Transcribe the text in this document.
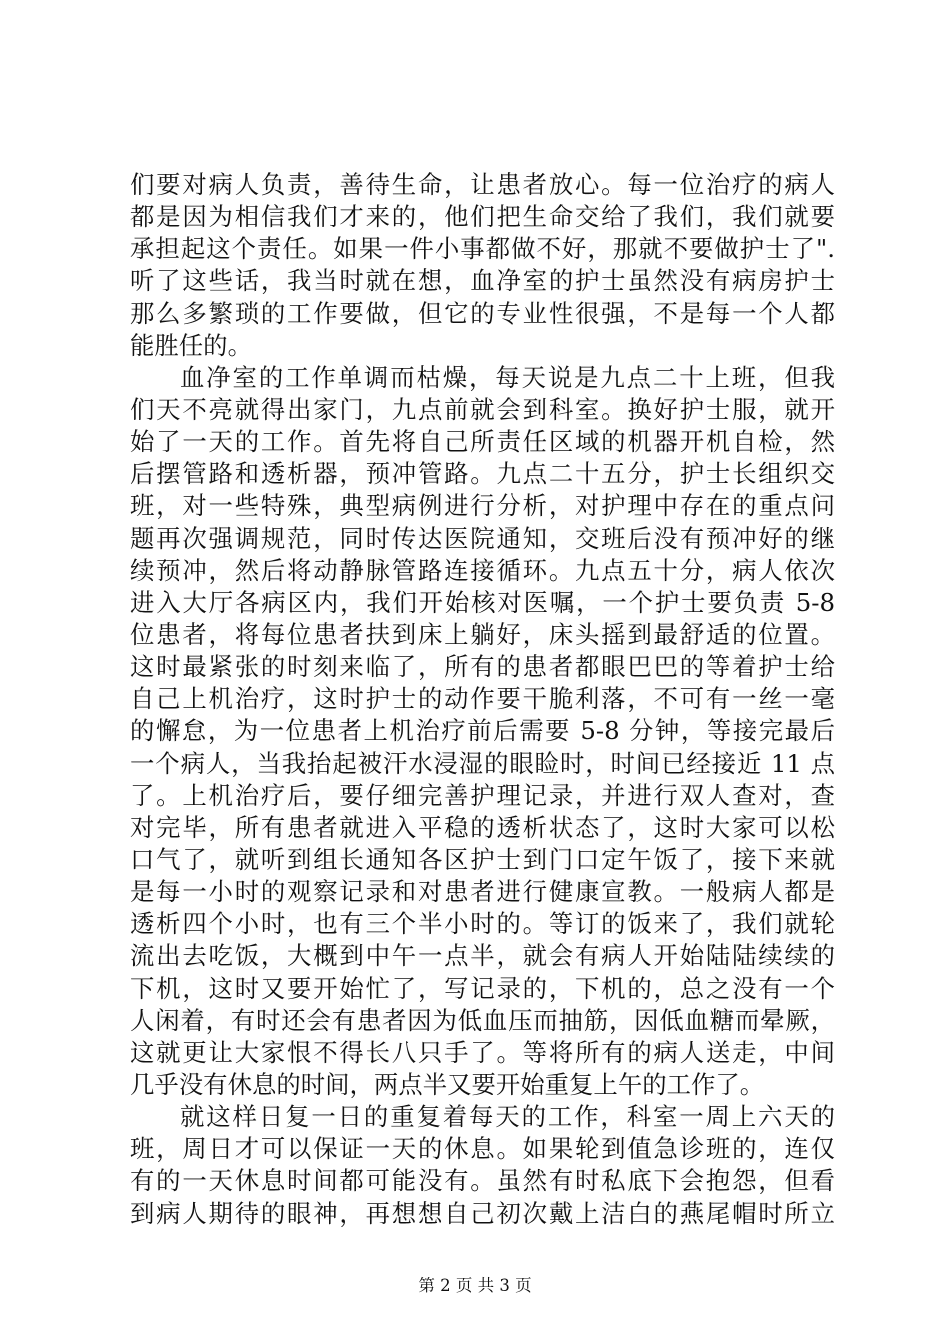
们要对病人负责，善待生命，让患者放心。每一位治疗的病人
都是因为相信我们才来的，他们把生命交给了我们，我们就要
承担起这个责任。如果一件小事都做不好，那就不要做护士了".
听了这些话，我当时就在想，血净室的护士虽然没有病房护士
那么多繁琐的工作要做，但它的专业性很强，不是每一个人都
能胜任的。
血净室的工作单调而枯燥，每天说是九点二十上班，但我
们天不亮就得出家门，九点前就会到科室。换好护士服，就开
始了一天的工作。首先将自己所责任区域的机器开机自检，然
后摆管路和透析器，预冲管路。九点二十五分，护士长组织交
班，对一些特殊，典型病例进行分析，对护理中存在的重点问
题再次强调规范，同时传达医院通知，交班后没有预冲好的继
续预冲，然后将动静脉管路连接循环。九点五十分，病人依次
进入大厅各病区内，我们开始核对医嘱，一个护士要负责 5-8
位患者，将每位患者扶到床上躺好，床头摇到最舒适的位置。
这时最紧张的时刻来临了，所有的患者都眼巴巴的等着护士给
自己上机治疗，这时护士的动作要干脆利落，不可有一丝一毫
的懈怠，为一位患者上机治疗前后需要 5-8 分钟，等接完最后
一个病人，当我抬起被汗水浸湿的眼睑时，时间已经接近 11 点
了。上机治疗后，要仔细完善护理记录，并进行双人查对，查
对完毕，所有患者就进入平稳的透析状态了，这时大家可以松
口气了，就听到组长通知各区护士到门口定午饭了，接下来就
是每一小时的观察记录和对患者进行健康宣教。一般病人都是
透析四个小时，也有三个半小时的。等订的饭来了，我们就轮
流出去吃饭，大概到中午一点半，就会有病人开始陆陆续续的
下机，这时又要开始忙了，写记录的，下机的，总之没有一个
人闲着，有时还会有患者因为低血压而抽筋，因低血糖而晕厥，
这就更让大家恨不得长八只手了。等将所有的病人送走，中间
几乎没有休息的时间，两点半又要开始重复上午的工作了。
就这样日复一日的重复着每天的工作，科室一周上六天的
班，周日才可以保证一天的休息。如果轮到值急诊班的，连仅
有的一天休息时间都可能没有。虽然有时私底下会抱怨，但看
到病人期待的眼神，再想想自己初次戴上洁白的燕尾帽时所立
第 2 页 共 3 页
